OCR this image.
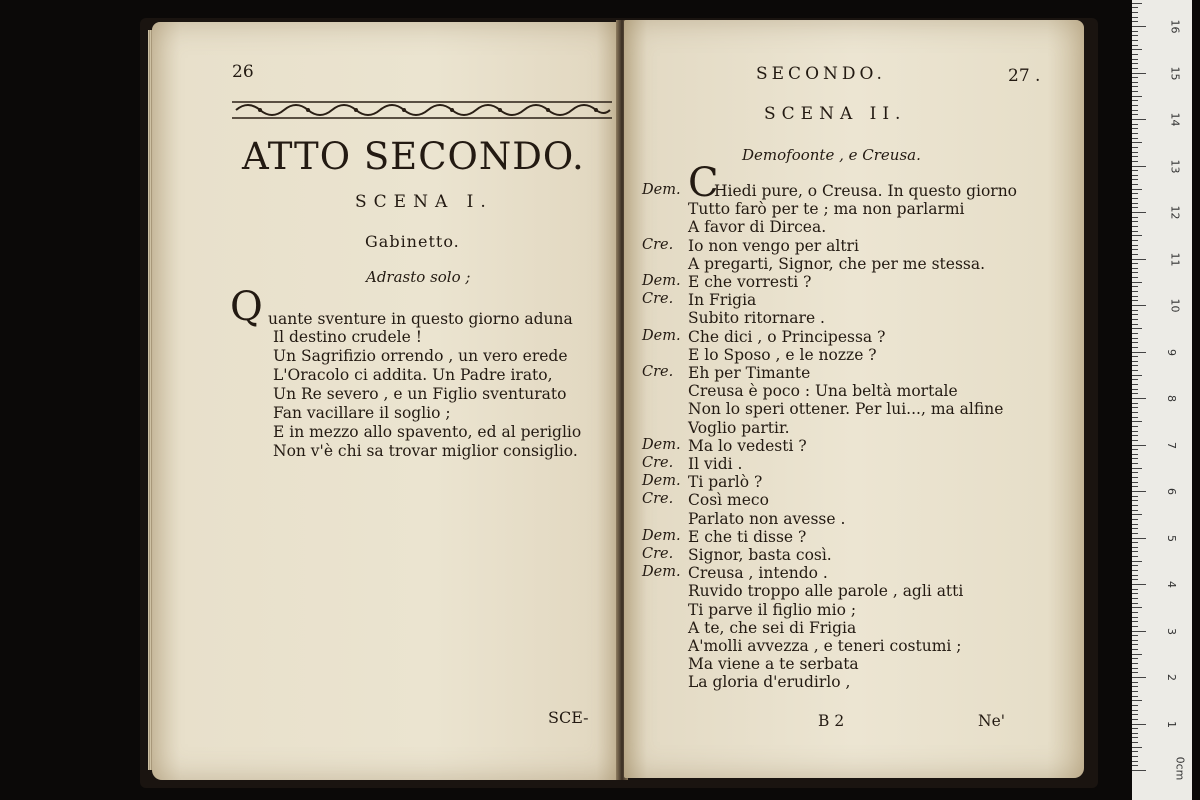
26
ATTO SECONDO.
SCENA I.
Gabinetto.
Adrasto solo ;
Q uante sventure in questo giorno aduna
Il destino crudele !
Un Sagrifizio orrendo , un vero erede
L'Oracolo ci addita. Un Padre irato,
Un Re severo , e un Figlio sventurato
Fan vacillare il soglio ;
E in mezzo allo spavento, ed al periglio
Non v'è chi sa trovar miglior consiglio.
SCE-
SECONDO.	27 .
SCENA II.
Demofoonte , e Creusa.
C
Dem. Hiedi pure, o Creusa. In questo giorno
Tutto farò per te ; ma non parlarmi
A favor di Dircea.
Cre. Io non vengo per altri
A pregarti, Signor, che per me stessa.
Dem. E che vorresti ?
Cre. In Frigia
Subito ritornare .
Dem. Che dici , o Principessa ?
E lo Sposo , e le nozze ?
Cre. Eh per Timante
Creusa è poco : Una beltà mortale
Non lo speri ottener. Per lui..., ma alfine
Voglio partir.
Dem. Ma lo vedesti ?
Cre. Il vidi .
Dem. Ti parlò ?
Cre. Così meco
Parlato non avesse .
Dem. E che ti disse ?
Cre. Signor, basta così.
Dem. Creusa , intendo .
Ruvido troppo alle parole , agli atti
Ti parve il figlio mio ;
A te, che sei di Frigia
A'molli avvezza , e teneri costumi ;
Ma viene a te serbata
La gloria d'erudirlo ,
B 2	Ne'
0cm
1
2
3
4
5
6
7
8
9
10
11
12
13
14
15
16
